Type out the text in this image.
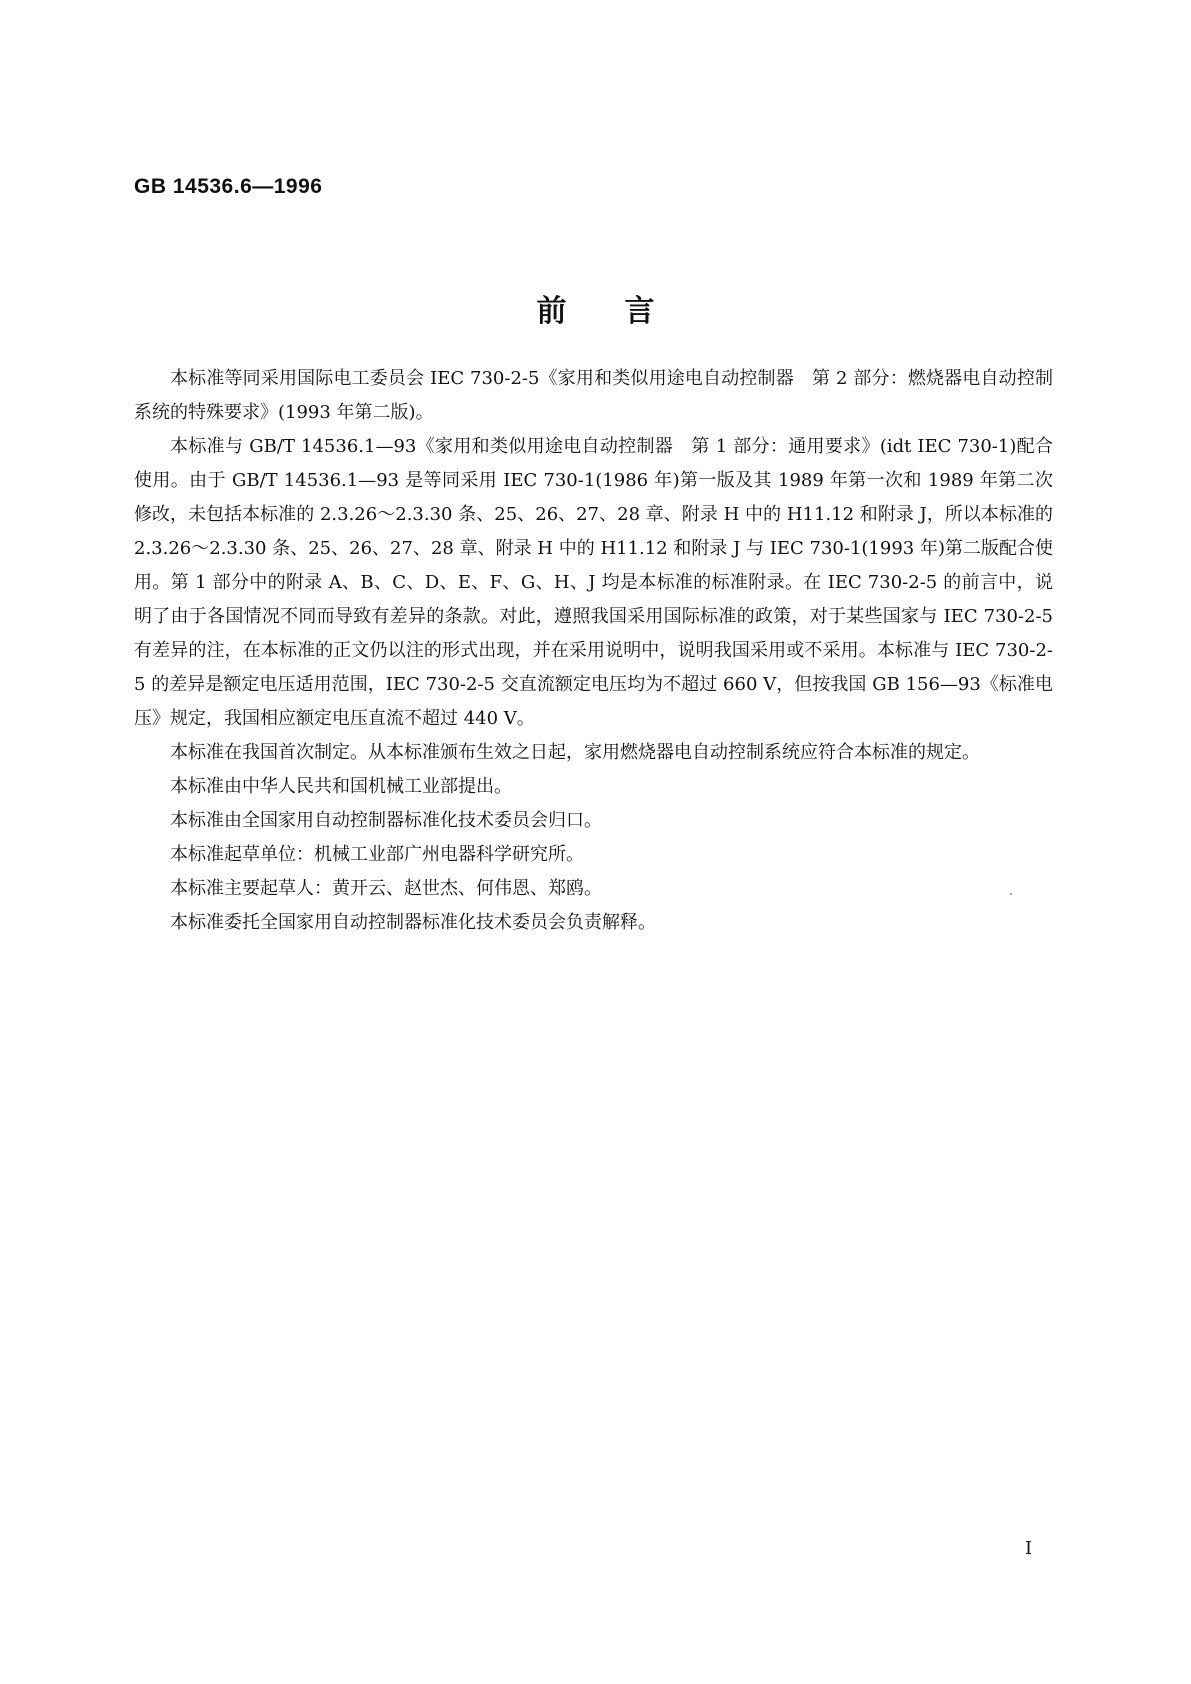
GB 14536.6—1996
前言

本标准等同采用国际电工委员会 IEC 730-2-5《家用和类似用途电自动控制器　第 2 部分：燃烧器电自动控制系统的特殊要求》(1993 年第二版)。

本标准与 GB/T 14536.1—93《家用和类似用途电自动控制器　第 1 部分：通用要求》(idt IEC 730-1)配合使用。由于 GB/T 14536.1—93 是等同采用 IEC 730-1(1986 年)第一版及其 1989 年第一次和 1989 年第二次修改，未包括本标准的 2.3.26～2.3.30 条、25、26、27、28 章、附录 H 中的 H11.12 和附录 J，所以本标准的 2.3.26～2.3.30 条、25、26、27、28 章、附录 H 中的 H11.12 和附录 J 与 IEC 730-1(1993 年)第二版配合使用。第 1 部分中的附录 A、B、C、D、E、F、G、H、J 均是本标准的标准附录。在 IEC 730-2-5 的前言中，说明了由于各国情况不同而导致有差异的条款。对此，遵照我国采用国际标准的政策，对于某些国家与 IEC 730-2-5 有差异的注，在本标准的正文仍以注的形式出现，并在采用说明中，说明我国采用或不采用。本标准与 IEC 730-2-5 的差异是额定电压适用范围，IEC 730-2-5 交直流额定电压均为不超过 660 V，但按我国 GB 156—93《标准电压》规定，我国相应额定电压直流不超过 440 V。

本标准在我国首次制定。从本标准颁布生效之日起，家用燃烧器电自动控制系统应符合本标准的规定。

本标准由中华人民共和国机械工业部提出。

本标准由全国家用自动控制器标准化技术委员会归口。

本标准起草单位：机械工业部广州电器科学研究所。

本标准主要起草人：黄开云、赵世杰、何伟恩、郑鸥。

本标准委托全国家用自动控制器标准化技术委员会负责解释。

I
